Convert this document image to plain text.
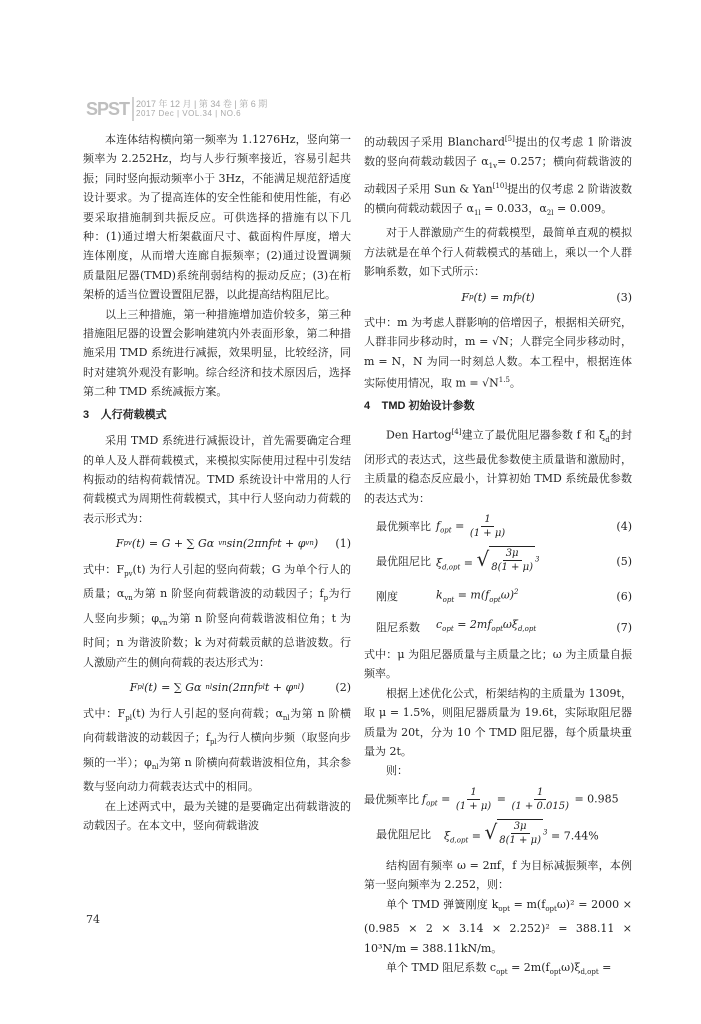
SPST 2017 年 12 月 | 第 34 卷 | 第 6 期
2017 Dec | VOL.34 | NO.6

本连体结构横向第一频率为 1.1276Hz，竖向第一频率为 2.252Hz，均与人步行频率接近，容易引起共振；同时竖向振动频率小于 3Hz，不能满足规范舒适度设计要求。为了提高连体的安全性能和使用性能，有必要采取措施制到共振反应。可供选择的措施有以下几种：(1)通过增大桁架截面尺寸、截面构件厚度，增大连体刚度，从而增大连廊自振频率；(2)通过设置调频质量阻尼器(TMD)系统削弱结构的振动反应；(3)在桁架桥的适当位置设置阻尼器，以此提高结构阻尼比。

以上三种措施，第一种措施增加造价较多，第三种措施阻尼器的设置会影响建筑内外表面形象，第二种措施采用 TMD 系统进行减振，效果明显，比较经济，同时对建筑外观没有影响。综合经济和技术原因后，选择第二种 TMD 系统减振方案。

3 人行荷载模式

采用 TMD 系统进行减振设计，首先需要确定合理的单人及人群荷载模式，来模拟实际使用过程中引发结构振动的结构荷载情况。TMD 系统设计中常用的人行荷载模式为周期性荷载模式，其中行人竖向动力荷载的表示形式为：

F pv ( t ) = G + ∑ Gα vn sin(2πnf p t + φ vn ) (1)

式中：$F_{pv}(t)$ 为行人引起的竖向荷载；G 为单个行人的质量；$\alpha_{vn}$为第 n 阶竖向荷载谐波的动载因子；$f_p$为行人竖向步频；$\varphi_{vn}$为第 n 阶竖向荷载谐波相位角；t 为时间；n 为谐波阶数；k 为对荷载贡献的总谐波数。行人激励产生的侧向荷载的表达形式为：

F pl ( t ) = ∑ Gα nl sin(2πnf pl t + φ nl )	(2)

式中：$F_{pl}(t)$ 为行人引起的竖向荷载；$\alpha_{nl}$为第 n 阶横向荷载谐波的动载因子；$f_{pl}$为行人横向步频（取竖向步频的一半）；$\varphi_{nl}$为第 n 阶横向荷载谐波相位角，其余参数与竖向动力荷载表达式中的相同。

在上述两式中，最为关键的是要确定出荷载谐波的动载因子。在本文中，竖向荷载谐波

的动载因子采用 Blanchard[5]提出的仅考虑 1 阶谐波数的竖向荷载动载因子 $\alpha_{1v}= 0.257$；横向荷载谐波的动载因子采用 Sun & Yan[10]提出的仅考虑 2 阶谐波数的横向荷载动载因子 $\alpha_{1l} = 0.033$，$\alpha_{2l} = 0.009$。

对于人群激励产生的荷载模型，最简单直观的模拟方法就是在单个行人荷载模式的基础上，乘以一个人群影响系数，如下式所示：

F p (t) = mf p (t)	(3)

式中：m 为考虑人群影响的倍增因子，根据相关研究，人群非同步移动时，m = √N；人群完全同步移动时，m = N，N 为同一时刻总人数。本工程中，根据连体实际使用情况，取 $m = √N^{1.5}$。

4 TMD 初始设计参数

Den Hartog[4]建立了最优阻尼器参数 f 和 $\xi_d$的封闭形式的表达式，这些最优参数使主质量谐和激励时，主质量的稳态反应最小，计算初始 TMD 系统最优参数的表达式为：

最优频率比 $f_{opt} = \frac{1}{(1 + \mu)}$	(4)
最优阻尼比 $\xi_{d,opt}$ = √ $\frac{3\mu}{8(1 + \mu)} ^3$	(5)
刚度	$k_{opt} = m(f_{opt}\omega)^2$	(6)
阻尼系数	$c_{opt} = 2mf_{opt}\omega\xi_{d,opt}$	(7)

式中：μ 为阻尼器质量与主质量之比；ω 为主质量自振频率。

根据上述优化公式，桁架结构的主质量为 1309t，取 μ = 1.5%，则阻尼器质量为 19.6t，实际取阻尼器质量为 20t，分为 10 个 TMD 阻尼器，每个质量块重量为 2t。

则：

最优频率比 $f_{opt} = \frac{1}{(1 + \mu)} = \frac{1}{(1 + 0.015)} = 0.985$
最优阻尼比	$\xi_{d,opt}$ = √ $\frac{3\mu}{8(1 + \mu)} ^3 = 7.44\%$

结构固有频率 ω = 2πf，f 为目标减振频率，本例第一竖向频率为 2.252，则：

单个 TMD 弹簧刚度 $k_{opt} = m(f_{opt}\omega)^2 = 2000 \times (0.985 \times 2 \times 3.14 \times 2.252)^2 = 388.11 \times 10^3N/m = 388.11kN/m$。

单个 TMD 阻尼系数 $c_{opt} = 2m(f_{opt}\omega)\xi_{d,opt}$ =

74
